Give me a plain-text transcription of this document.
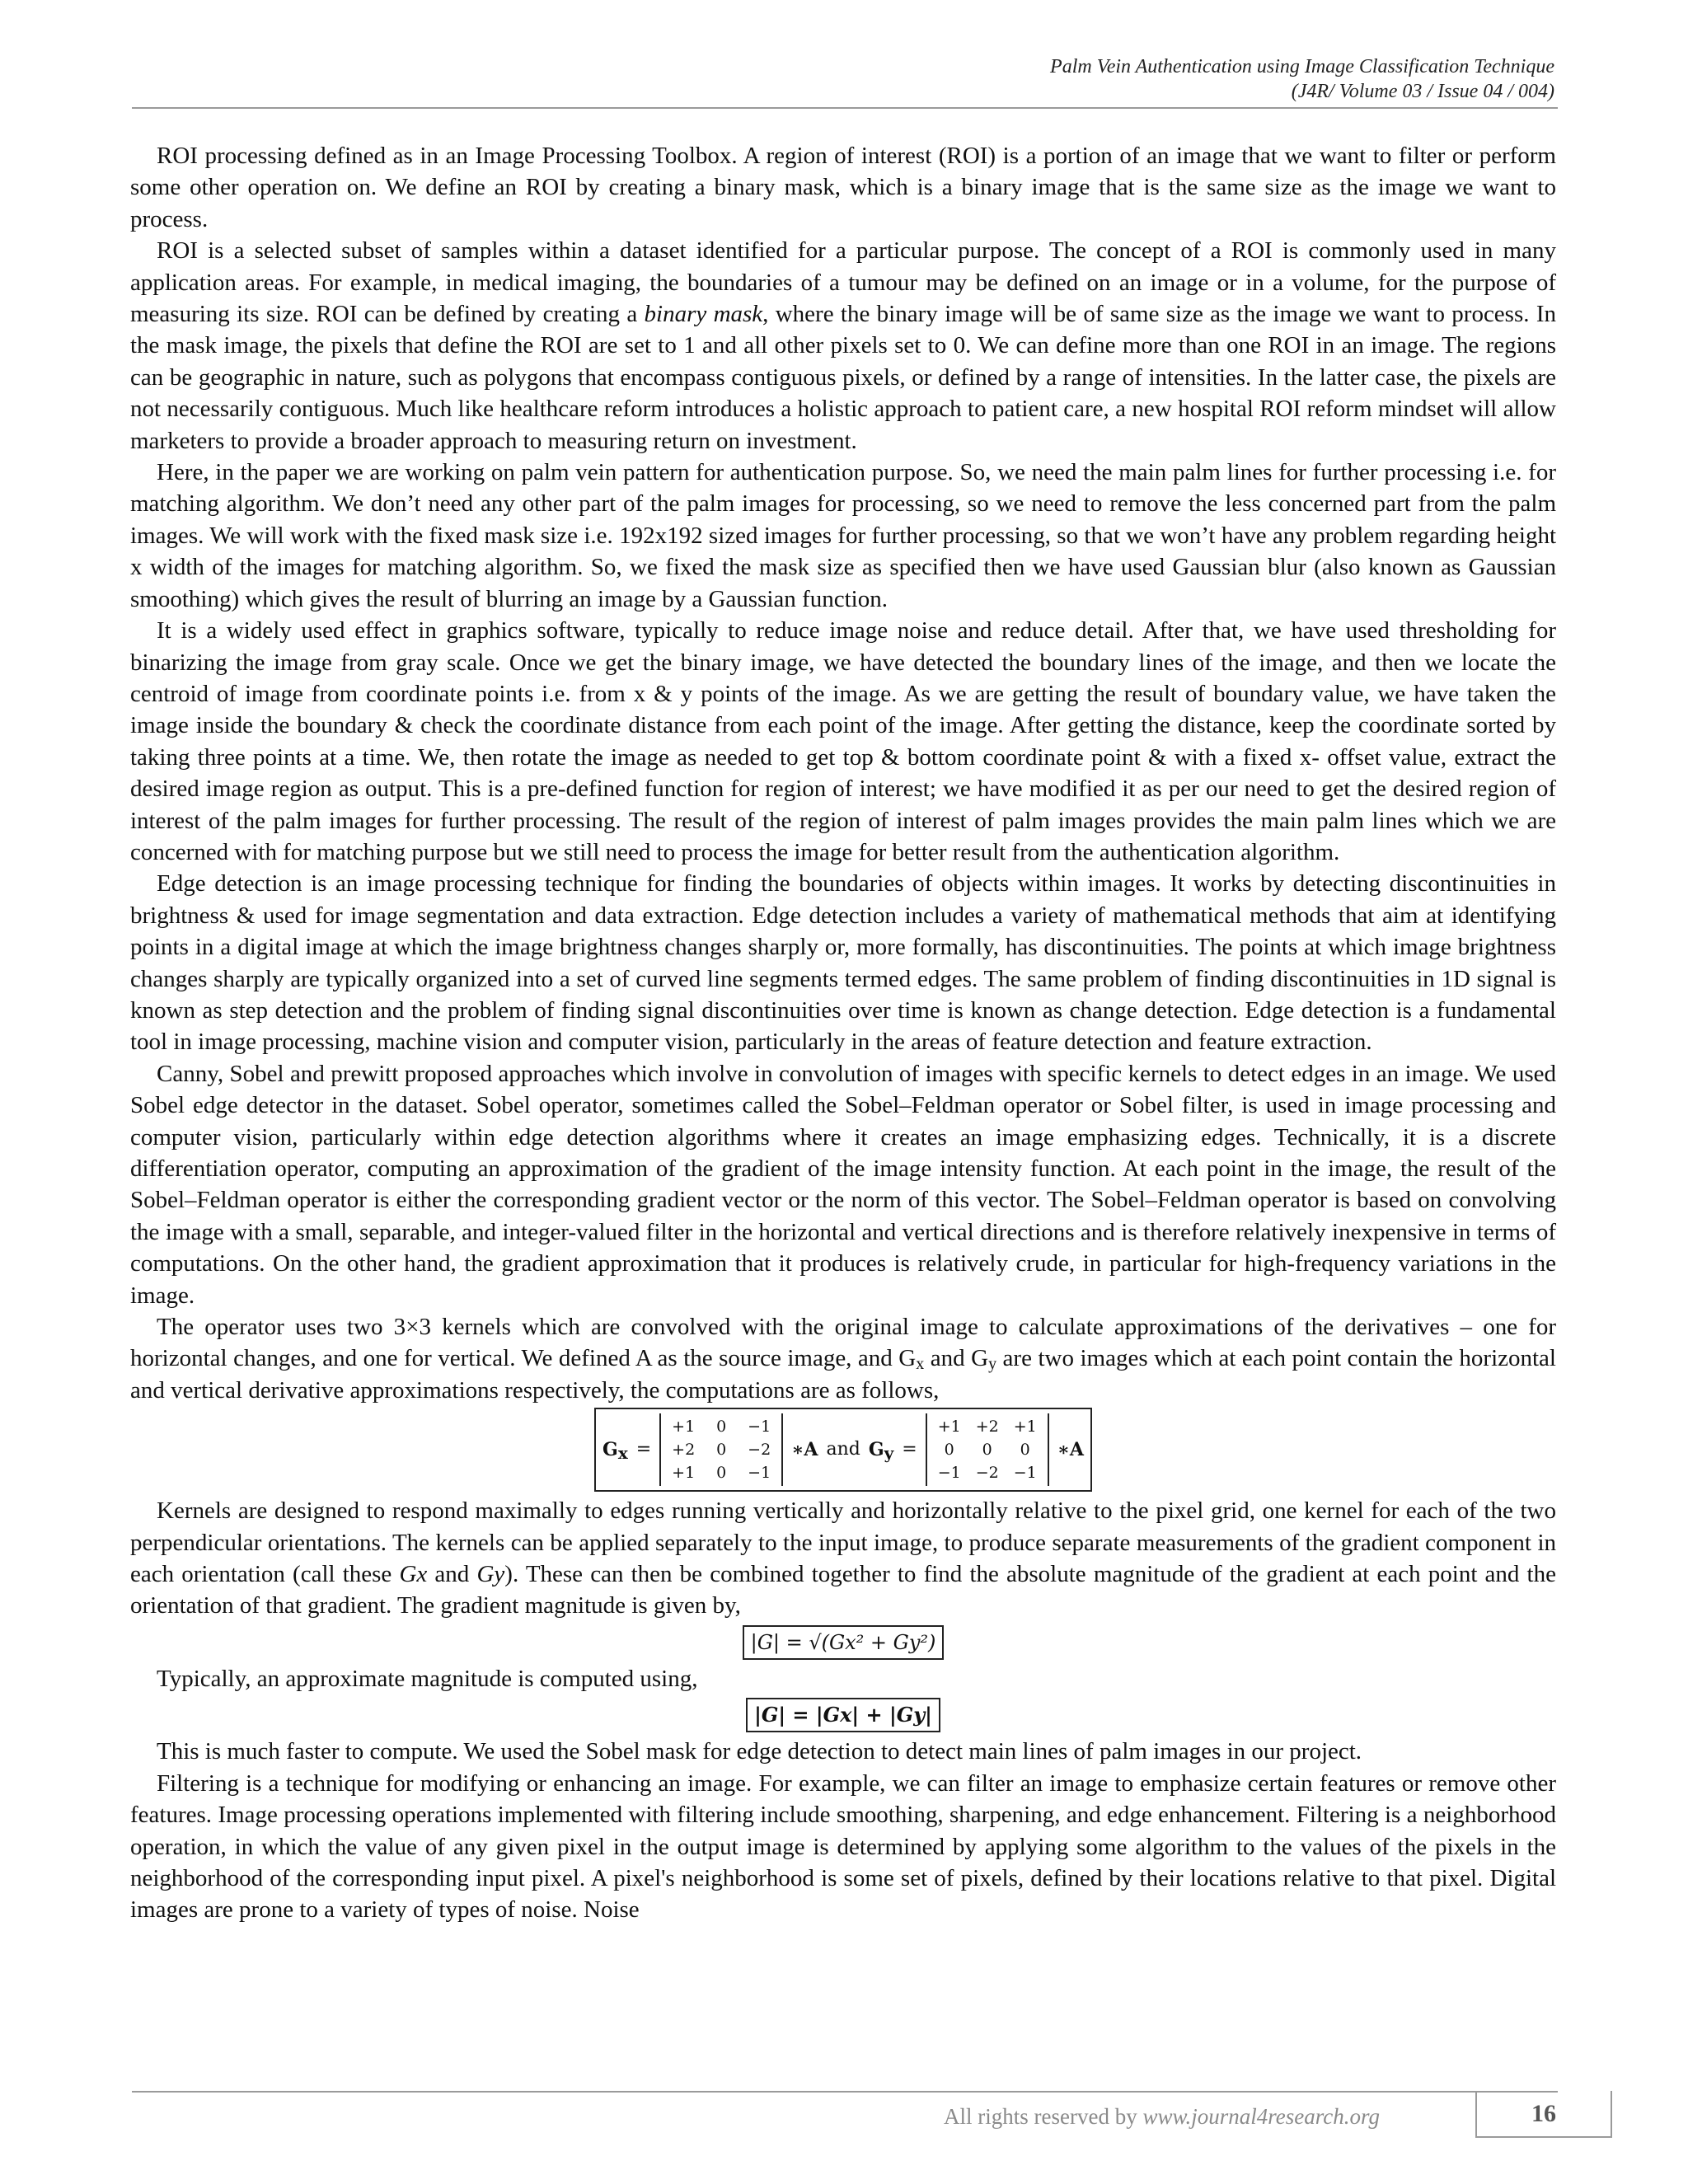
Palm Vein Authentication using Image Classification Technique
(J4R/ Volume 03 / Issue 04 / 004)

ROI processing defined as in an Image Processing Toolbox. A region of interest (ROI) is a portion of an image that we want to filter or perform some other operation on. We define an ROI by creating a binary mask, which is a binary image that is the same size as the image we want to process.

ROI is a selected subset of samples within a dataset identified for a particular purpose. The concept of a ROI is commonly used in many application areas. For example, in medical imaging, the boundaries of a tumour may be defined on an image or in a volume, for the purpose of measuring its size. ROI can be defined by creating a binary mask, where the binary image will be of same size as the image we want to process. In the mask image, the pixels that define the ROI are set to 1 and all other pixels set to 0. We can define more than one ROI in an image. The regions can be geographic in nature, such as polygons that encompass contiguous pixels, or defined by a range of intensities. In the latter case, the pixels are not necessarily contiguous. Much like healthcare reform introduces a holistic approach to patient care, a new hospital ROI reform mindset will allow marketers to provide a broader approach to measuring return on investment.

Here, in the paper we are working on palm vein pattern for authentication purpose. So, we need the main palm lines for further processing i.e. for matching algorithm. We don’t need any other part of the palm images for processing, so we need to remove the less concerned part from the palm images. We will work with the fixed mask size i.e. 192x192 sized images for further processing, so that we won’t have any problem regarding height x width of the images for matching algorithm. So, we fixed the mask size as specified then we have used Gaussian blur (also known as Gaussian smoothing) which gives the result of blurring an image by a Gaussian function.

It is a widely used effect in graphics software, typically to reduce image noise and reduce detail. After that, we have used thresholding for binarizing the image from gray scale. Once we get the binary image, we have detected the boundary lines of the image, and then we locate the centroid of image from coordinate points i.e. from x & y points of the image. As we are getting the result of boundary value, we have taken the image inside the boundary & check the coordinate distance from each point of the image. After getting the distance, keep the coordinate sorted by taking three points at a time. We, then rotate the image as needed to get top & bottom coordinate point & with a fixed x- offset value, extract the desired image region as output. This is a pre-defined function for region of interest; we have modified it as per our need to get the desired region of interest of the palm images for further processing. The result of the region of interest of palm images provides the main palm lines which we are concerned with for matching purpose but we still need to process the image for better result from the authentication algorithm.

Edge detection is an image processing technique for finding the boundaries of objects within images. It works by detecting discontinuities in brightness & used for image segmentation and data extraction. Edge detection includes a variety of mathematical methods that aim at identifying points in a digital image at which the image brightness changes sharply or, more formally, has discontinuities. The points at which image brightness changes sharply are typically organized into a set of curved line segments termed edges. The same problem of finding discontinuities in 1D signal is known as step detection and the problem of finding signal discontinuities over time is known as change detection. Edge detection is a fundamental tool in image processing, machine vision and computer vision, particularly in the areas of feature detection and feature extraction.

Canny, Sobel and prewitt proposed approaches which involve in convolution of images with specific kernels to detect edges in an image. We used Sobel edge detector in the dataset. Sobel operator, sometimes called the Sobel–Feldman operator or Sobel filter, is used in image processing and computer vision, particularly within edge detection algorithms where it creates an image emphasizing edges. Technically, it is a discrete differentiation operator, computing an approximation of the gradient of the image intensity function. At each point in the image, the result of the Sobel–Feldman operator is either the corresponding gradient vector or the norm of this vector. The Sobel–Feldman operator is based on convolving the image with a small, separable, and integer-valued filter in the horizontal and vertical directions and is therefore relatively inexpensive in terms of computations. On the other hand, the gradient approximation that it produces is relatively crude, in particular for high-frequency variations in the image.

The operator uses two 3×3 kernels which are convolved with the original image to calculate approximations of the derivatives – one for horizontal changes, and one for vertical. We defined A as the source image, and $G_x$ and $G_y$ are two images which at each point contain the horizontal and vertical derivative approximations respectively, the computations are as follows,

Gx =
+1	0	−1
+2	0	−2
+1	0	−1
∗A and Gy =
+1 +2 +1
0	0	0
−1 −2 −1
∗A

Kernels are designed to respond maximally to edges running vertically and horizontally relative to the pixel grid, one kernel for each of the two perpendicular orientations. The kernels can be applied separately to the input image, to produce separate measurements of the gradient component in each orientation (call these Gx and Gy). These can then be combined together to find the absolute magnitude of the gradient at each point and the orientation of that gradient. The gradient magnitude is given by,

|G| = √(Gx² + Gy²)

Typically, an approximate magnitude is computed using,

|G| = |Gx| + |Gy|

This is much faster to compute. We used the Sobel mask for edge detection to detect main lines of palm images in our project.

Filtering is a technique for modifying or enhancing an image. For example, we can filter an image to emphasize certain features or remove other features. Image processing operations implemented with filtering include smoothing, sharpening, and edge enhancement. Filtering is a neighborhood operation, in which the value of any given pixel in the output image is determined by applying some algorithm to the values of the pixels in the neighborhood of the corresponding input pixel. A pixel's neighborhood is some set of pixels, defined by their locations relative to that pixel. Digital images are prone to a variety of types of noise. Noise

All rights reserved by www.journal4research.org	16
